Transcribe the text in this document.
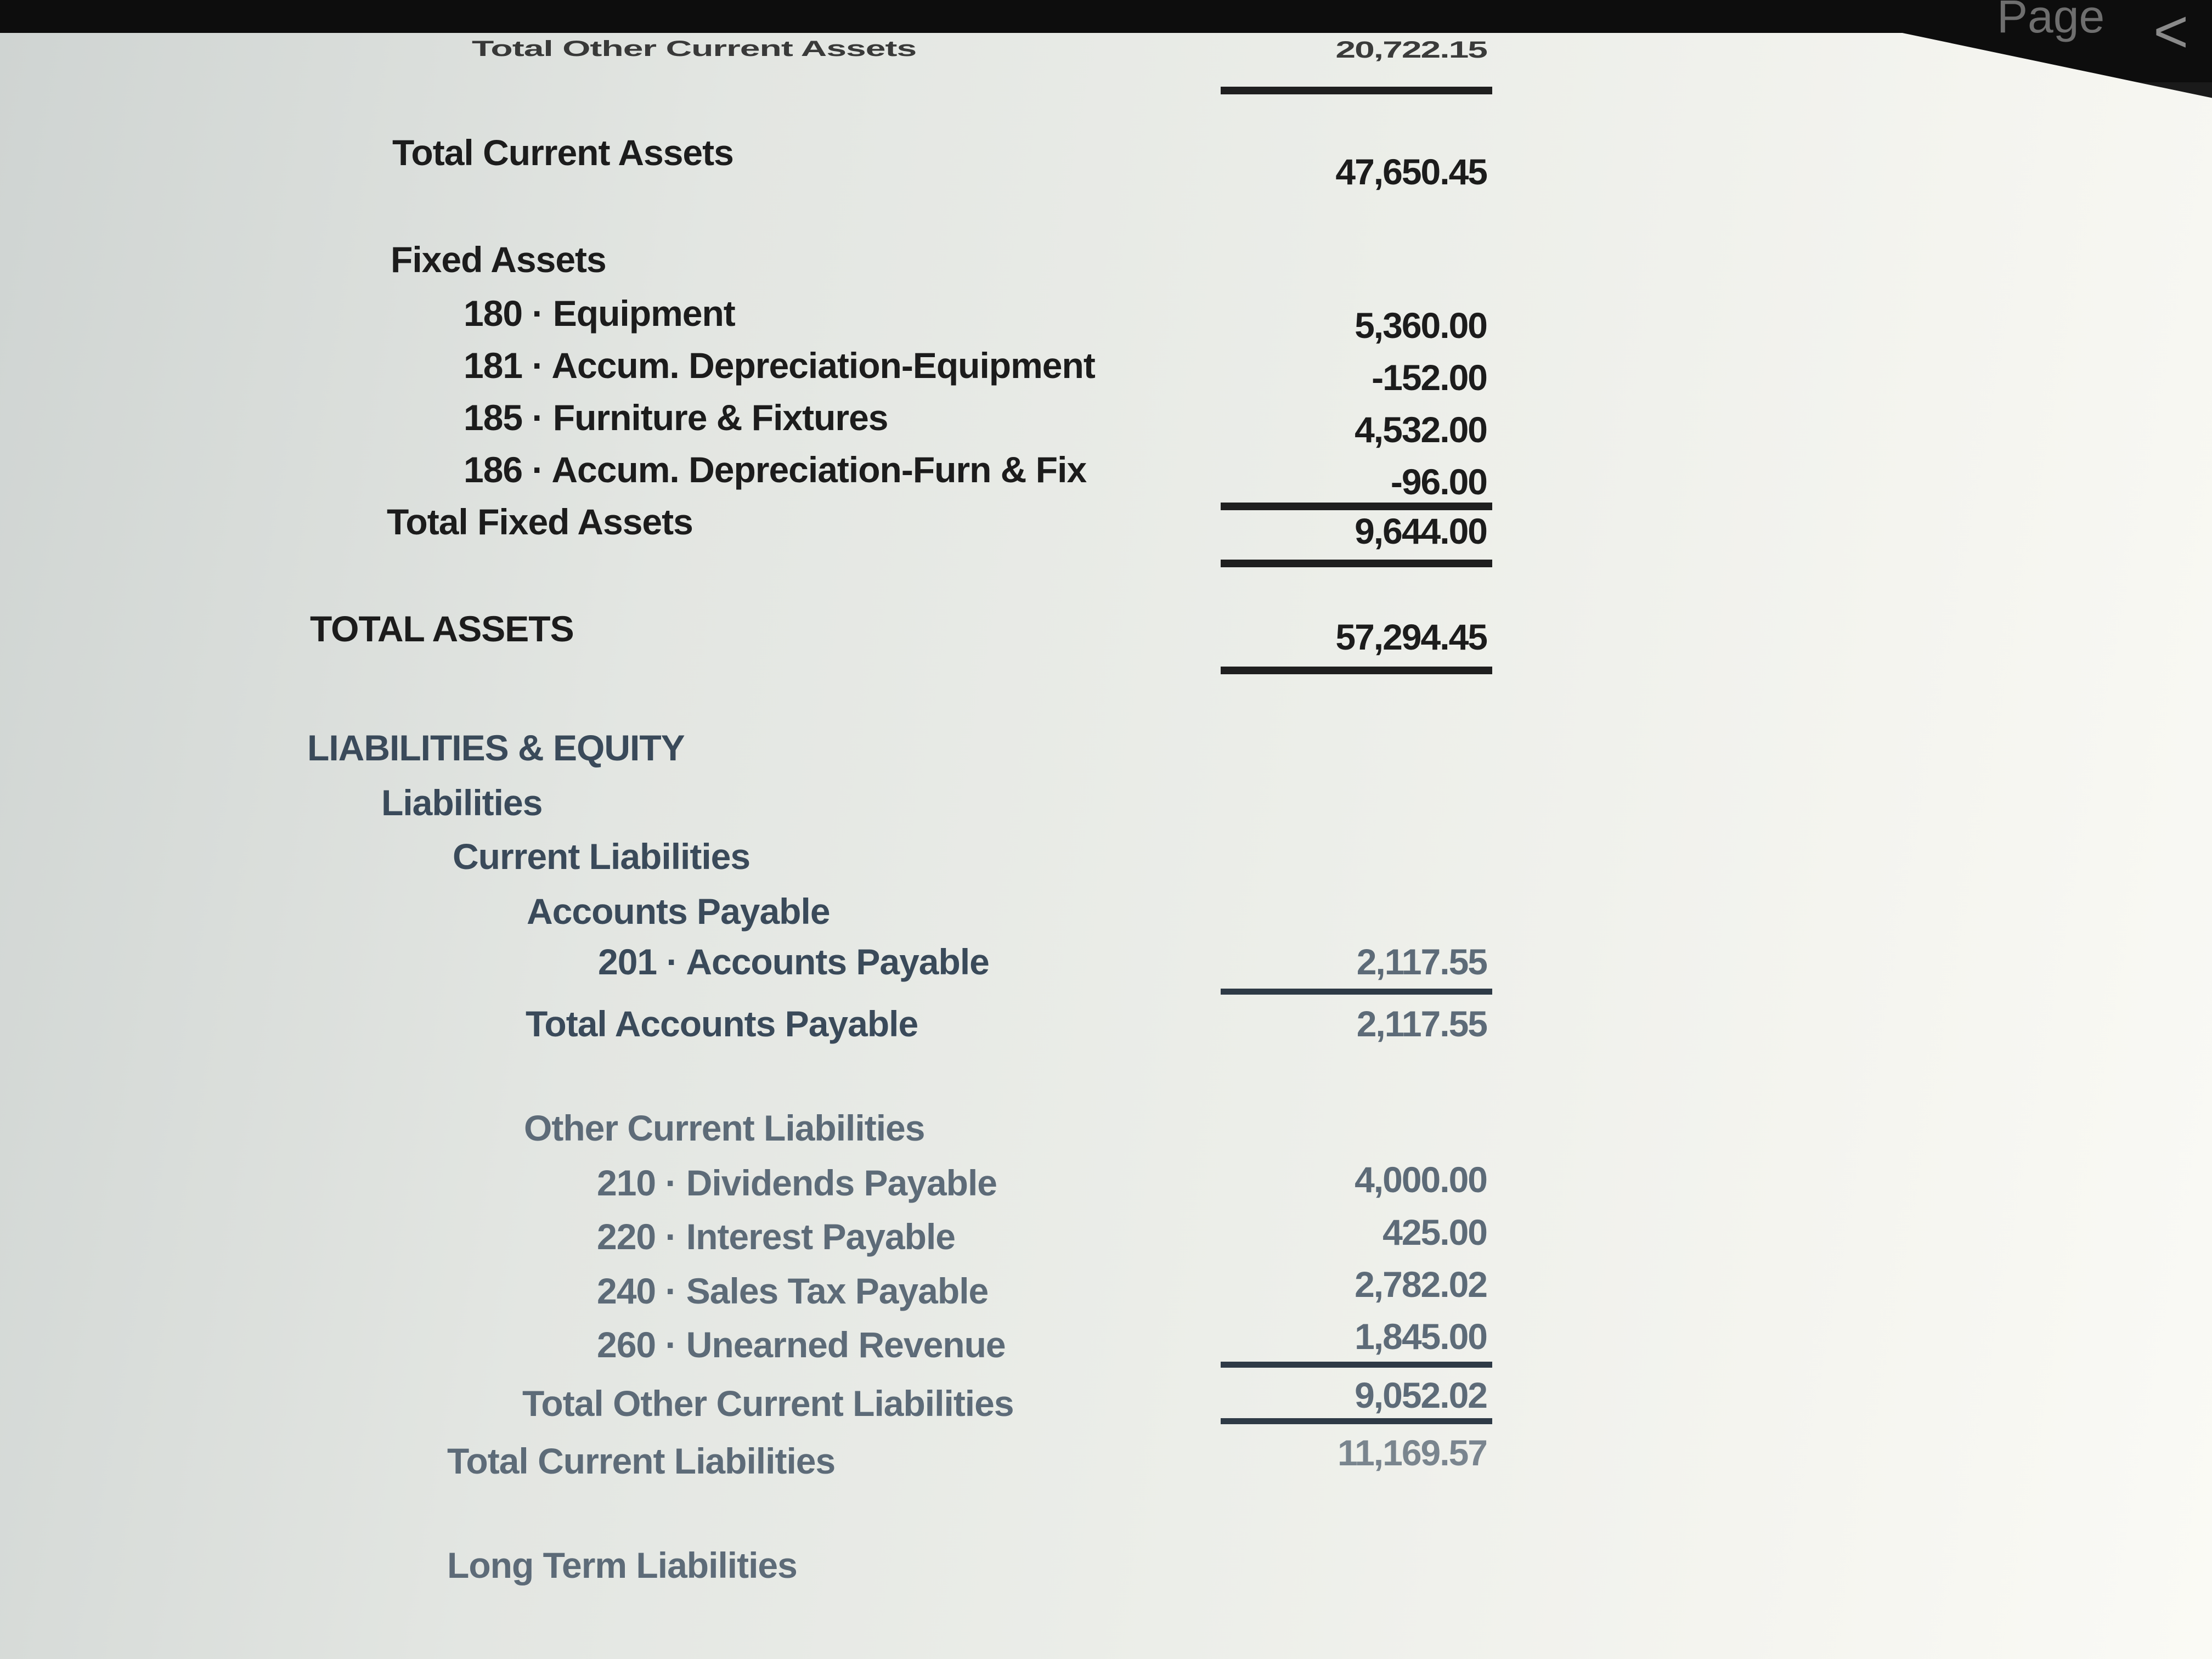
Page <
Total Other Current Assets
Total Current Assets
Fixed Assets
180 · Equipment
181 · Accum. Depreciation-Equipment
185 · Furniture & Fixtures
186 · Accum. Depreciation-Furn & Fix
Total Fixed Assets
TOTAL ASSETS
LIABILITIES & EQUITY
Liabilities
Current Liabilities
Accounts Payable
201 · Accounts Payable
Total Accounts Payable
Other Current Liabilities
210 · Dividends Payable
220 · Interest Payable
240 · Sales Tax Payable
260 · Unearned Revenue
Total Other Current Liabilities
Total Current Liabilities
Long Term Liabilities
20,722.15
47,650.45
5,360.00
-152.00
4,532.00
-96.00
9,644.00
57,294.45
2,117.55
2,117.55
4,000.00
425.00
2,782.02
1,845.00
9,052.02
11,169.57
